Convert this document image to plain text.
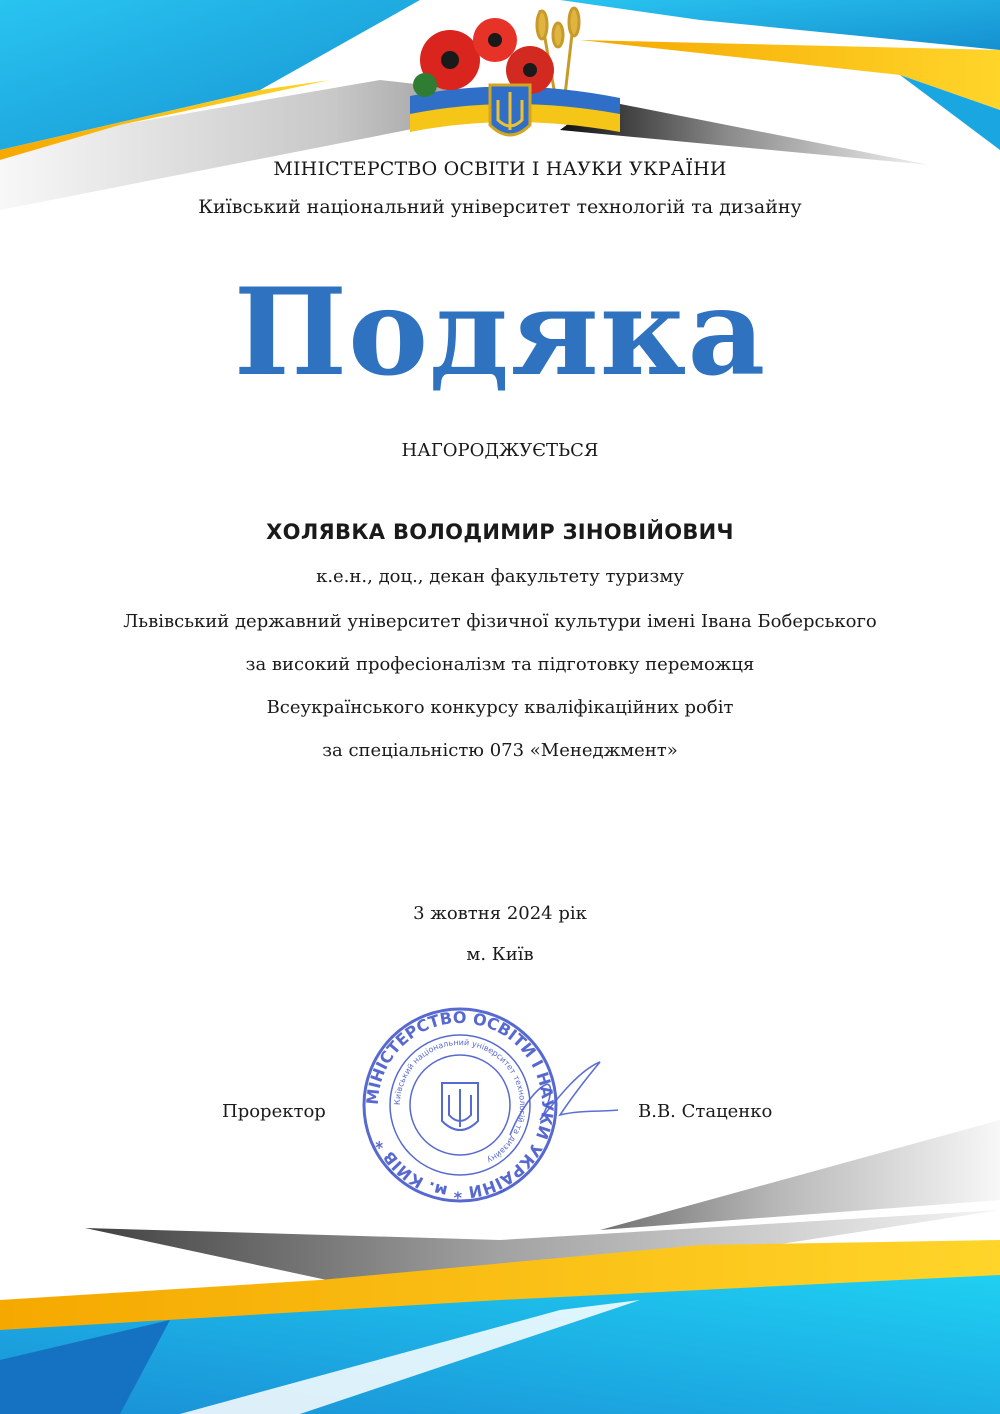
МІНІСТЕРСТВО ОСВІТИ І НАУКИ УКРАЇНИ
Київський національний університет технологій та дизайну
Подяка
НАГОРОДЖУЄТЬСЯ
ХОЛЯВКА ВОЛОДИМИР ЗІНОВІЙОВИЧ
к.е.н., доц., декан факультету туризму
Львівський державний університет фізичної культури імені Івана Боберського
за високий професіоналізм та підготовку переможця
Всеукраїнського конкурсу кваліфікаційних робіт
за спеціальністю 073 «Менеджмент»
3 жовтня 2024 рік
м. Київ
Проректор	В.В. Стаценко
МІНІСТЕРСТВО ОСВІТИ І НАУКИ УКРАЇНИ * м. КИЇВ *
Київський національний університет технологій та дизайну
